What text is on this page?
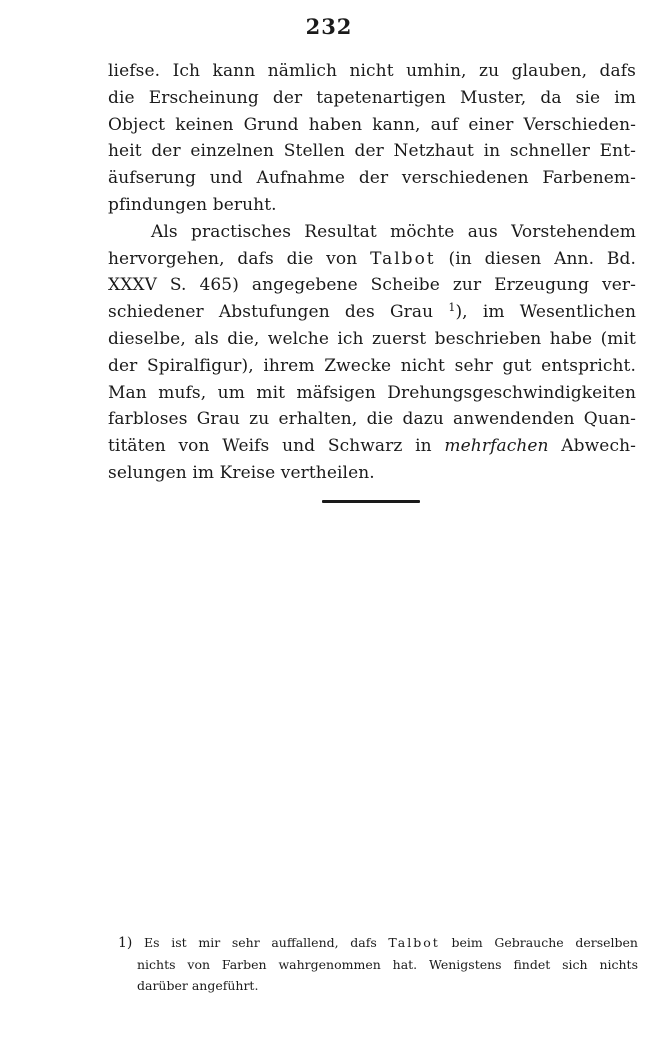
232
liefse. Ich kann nämlich nicht umhin, zu glauben, dafs
die Erscheinung der tapetenartigen Muster, da sie im
Object keinen Grund haben kann, auf einer Verschieden-
heit der einzelnen Stellen der Netzhaut in schneller Ent-
äufserung und Aufnahme der verschiedenen Farbenem-
pfindungen beruht.
Als practisches Resultat möchte aus Vorstehendem
hervorgehen, dafs die von Talbot (in diesen Ann. Bd.
XXXV S. 465) angegebene Scheibe zur Erzeugung ver-
schiedener Abstufungen des Grau $^1$), im Wesentlichen
dieselbe, als die, welche ich zuerst beschrieben habe (mit
der Spiralfigur), ihrem Zwecke nicht sehr gut entspricht.
Man mufs, um mit mäfsigen Drehungsgeschwindigkeiten
farbloses Grau zu erhalten, die dazu anwendenden Quan-
titäten von Weifs und Schwarz in mehrfachen Abwech-
selungen im Kreise vertheilen.
1) Es ist mir sehr auffallend, dafs Talbot beim Gebrauche derselben
nichts von Farben wahrgenommen hat. Wenigstens findet sich nichts
darüber angeführt.
